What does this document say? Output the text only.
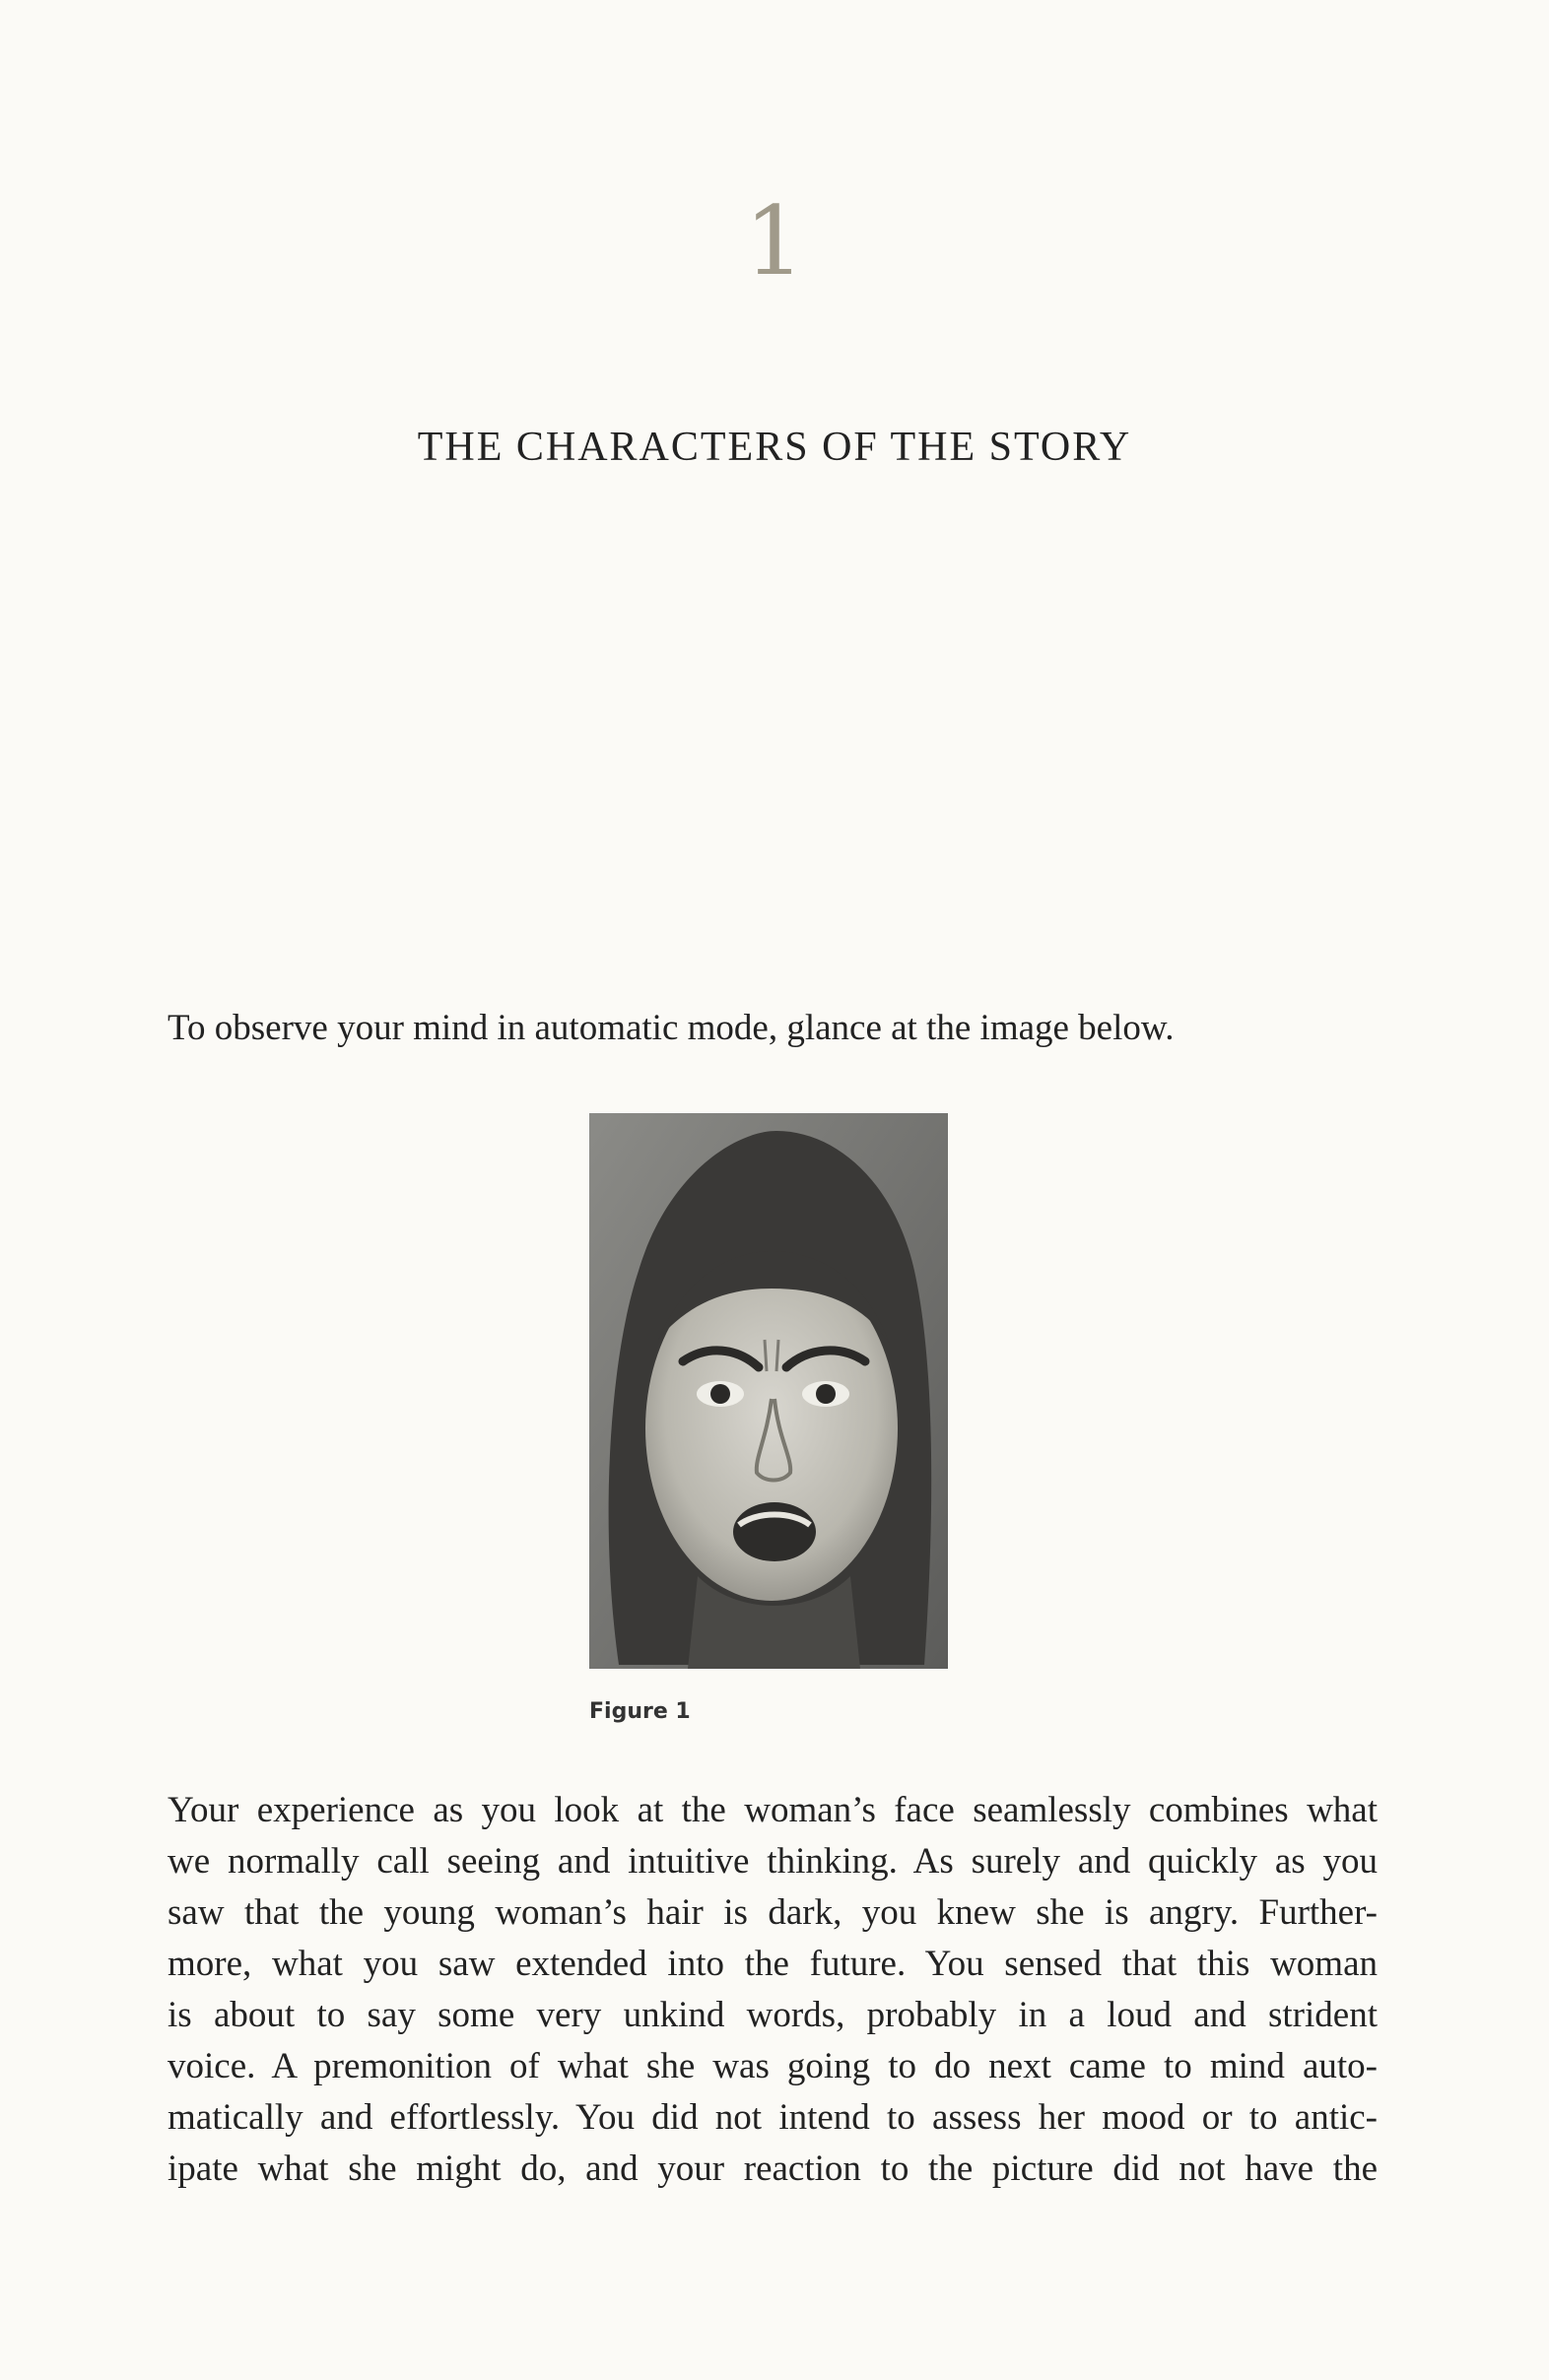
1
THE CHARACTERS OF THE STORY
To observe your mind in automatic mode, glance at the image below.
Figure 1
Your experience as you look at the woman’s face seamlessly combines what
we normally call seeing and intuitive thinking. As surely and quickly as you
saw that the young woman’s hair is dark, you knew she is angry. Further-
more, what you saw extended into the future. You sensed that this woman
is about to say some very unkind words, probably in a loud and strident
voice. A premonition of what she was going to do next came to mind auto-
matically and effortlessly. You did not intend to assess her mood or to antic-
ipate what she might do, and your reaction to the picture did not have the
